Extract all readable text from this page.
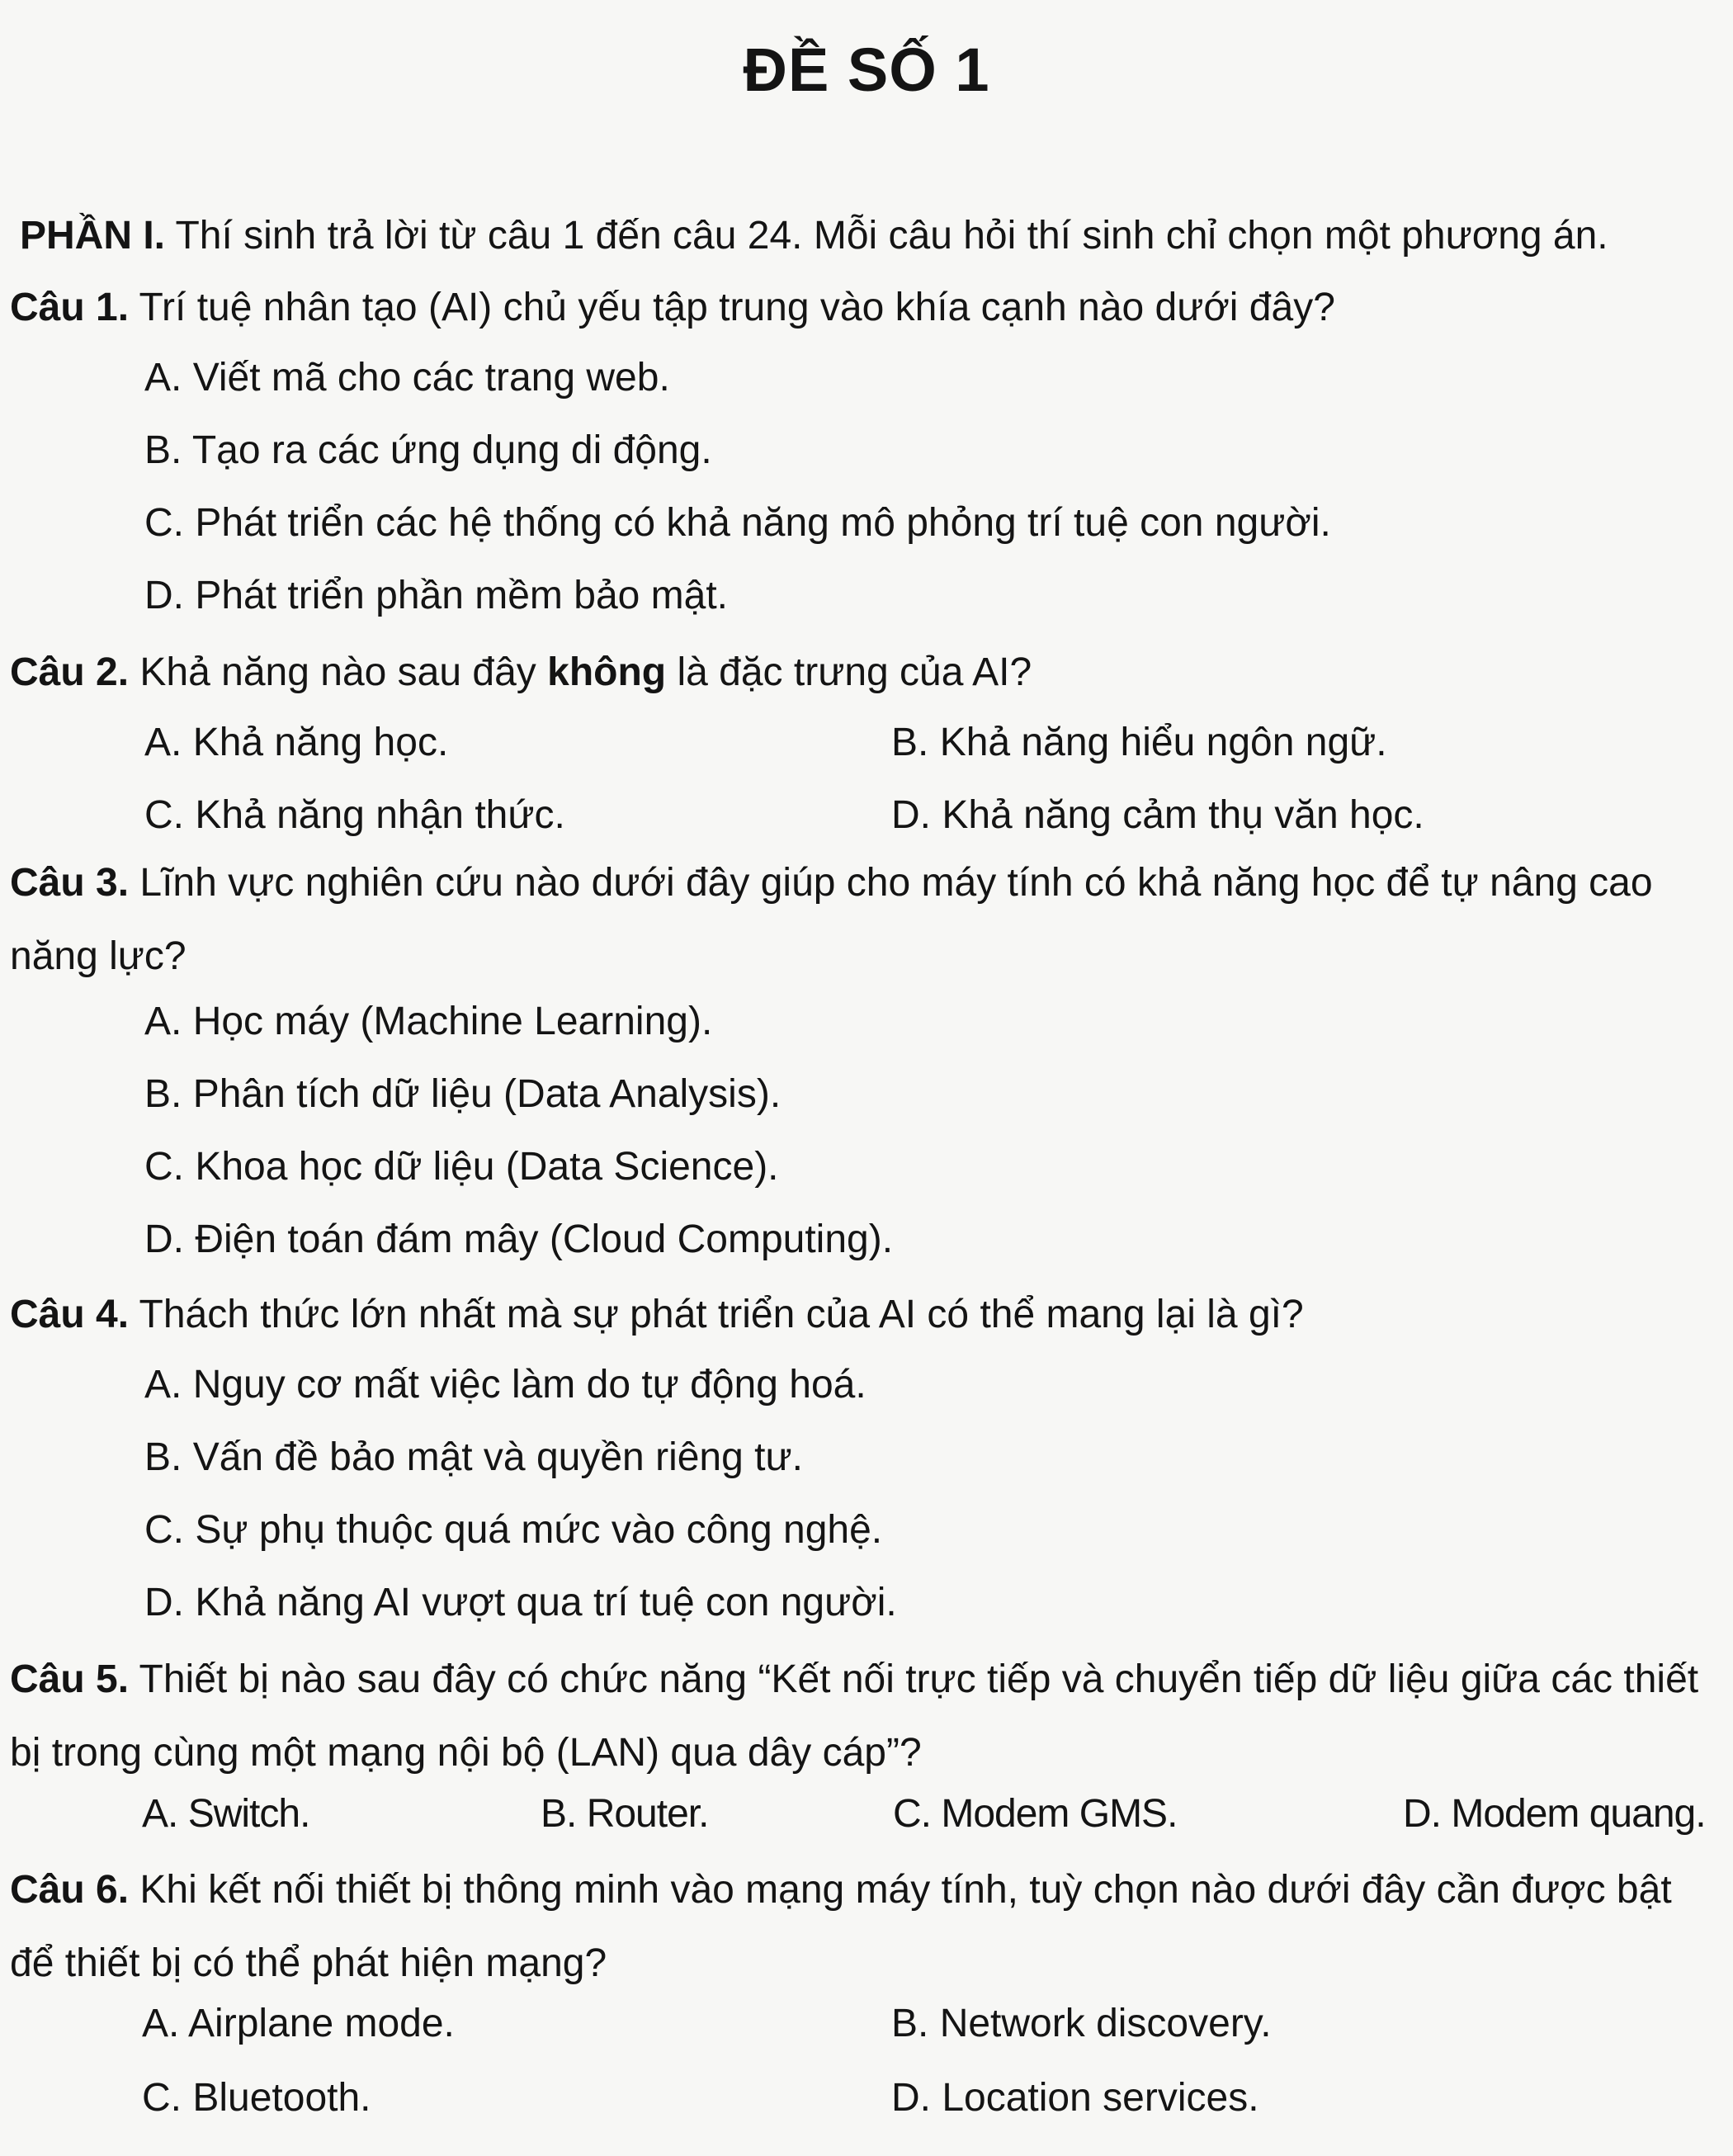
ĐỀ SỐ 1

PHẦN I. Thí sinh trả lời từ câu 1 đến câu 24. Mỗi câu hỏi thí sinh chỉ chọn một phương án.

Câu 1. Trí tuệ nhân tạo (AI) chủ yếu tập trung vào khía cạnh nào dưới đây?

A. Viết mã cho các trang web.

B. Tạo ra các ứng dụng di động.

C. Phát triển các hệ thống có khả năng mô phỏng trí tuệ con người.

D. Phát triển phần mềm bảo mật.

Câu 2. Khả năng nào sau đây không là đặc trưng của AI?

A. Khả năng học.	B. Khả năng hiểu ngôn ngữ.

C. Khả năng nhận thức.	D. Khả năng cảm thụ văn học.

Câu 3. Lĩnh vực nghiên cứu nào dưới đây giúp cho máy tính có khả năng học để tự nâng cao năng lực?

A. Học máy (Machine Learning).

B. Phân tích dữ liệu (Data Analysis).

C. Khoa học dữ liệu (Data Science).

D. Điện toán đám mây (Cloud Computing).

Câu 4. Thách thức lớn nhất mà sự phát triển của AI có thể mang lại là gì?

A. Nguy cơ mất việc làm do tự động hoá.

B. Vấn đề bảo mật và quyền riêng tư.

C. Sự phụ thuộc quá mức vào công nghệ.

D. Khả năng AI vượt qua trí tuệ con người.

Câu 5. Thiết bị nào sau đây có chức năng “Kết nối trực tiếp và chuyển tiếp dữ liệu giữa các thiết bị trong cùng một mạng nội bộ (LAN) qua dây cáp”?

A. Switch.	B. Router.	C. Modem GMS.	D. Modem quang.

Câu 6. Khi kết nối thiết bị thông minh vào mạng máy tính, tuỳ chọn nào dưới đây cần được bật để thiết bị có thể phát hiện mạng?

A. Airplane mode.	B. Network discovery.

C. Bluetooth.	D. Location services.
